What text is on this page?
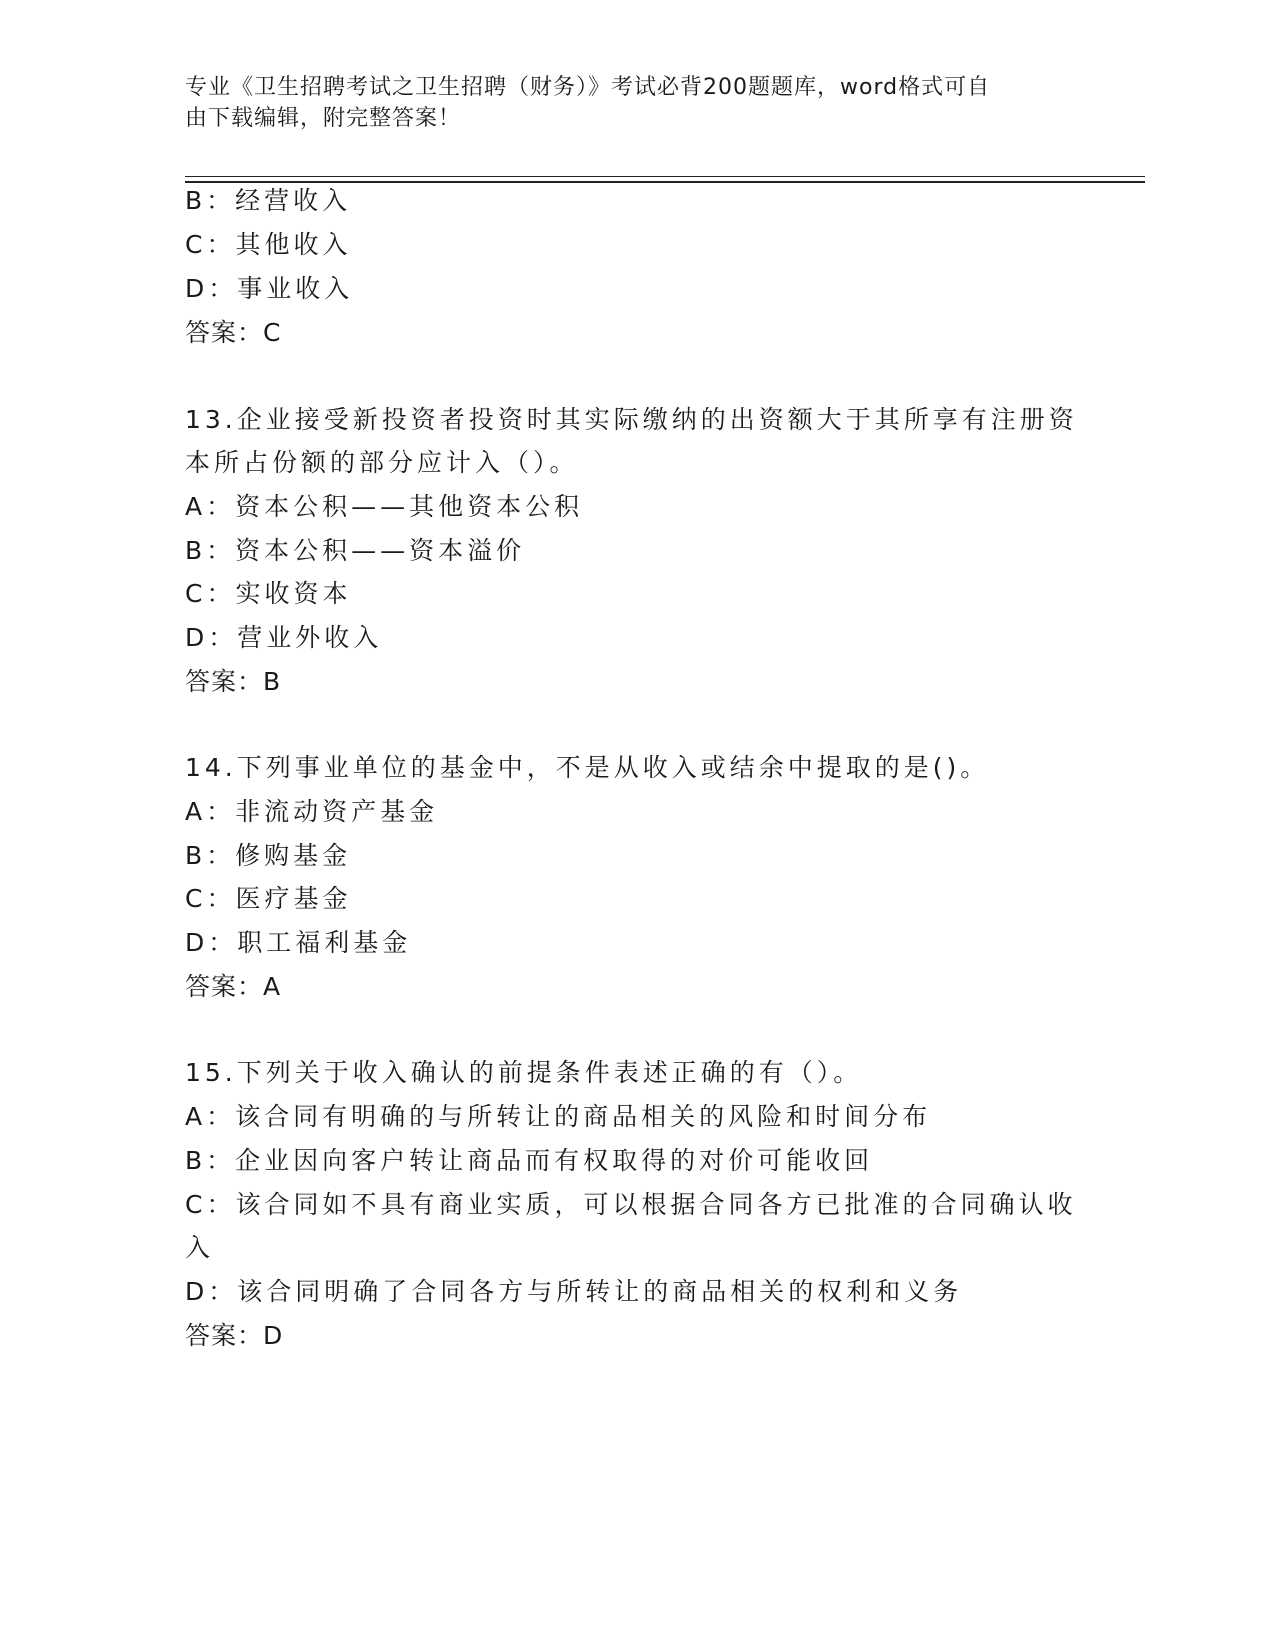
专业《卫生招聘考试之卫生招聘（财务）》考试必背200题题库，word格式可自
由下载编辑，附完整答案！
B：经营收入
C：其他收入
D：事业收入
答案：C
13.企业接受新投资者投资时其实际缴纳的出资额大于其所享有注册资
本所占份额的部分应计入（）。
A：资本公积——其他资本公积
B：资本公积——资本溢价
C：实收资本
D：营业外收入
答案：B
14.下列事业单位的基金中，不是从收入或结余中提取的是()。
A：非流动资产基金
B：修购基金
C：医疗基金
D：职工福利基金
答案：A
15.下列关于收入确认的前提条件表述正确的有（）。
A：该合同有明确的与所转让的商品相关的风险和时间分布
B：企业因向客户转让商品而有权取得的对价可能收回
C：该合同如不具有商业实质，可以根据合同各方已批准的合同确认收
入
D：该合同明确了合同各方与所转让的商品相关的权利和义务
答案：D
